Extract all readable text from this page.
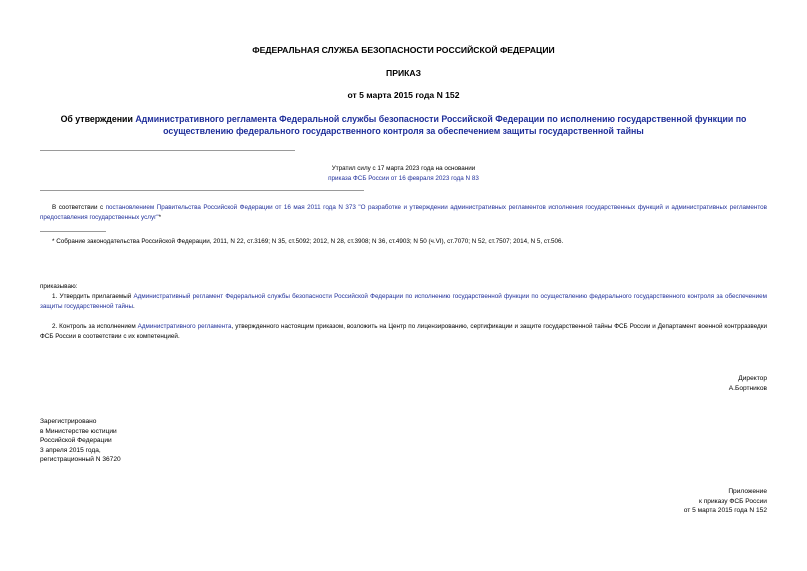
ФЕДЕРАЛЬНАЯ СЛУЖБА БЕЗОПАСНОСТИ РОССИЙСКОЙ ФЕДЕРАЦИИ
ПРИКАЗ
от 5 марта 2015 года N 152
Об утверждении Административного регламента Федеральной службы безопасности Российской Федерации по исполнению государственной функции по осуществлению федерального государственного контроля за обеспечением защиты государственной тайны
Утратил силу с 17 марта 2023 года на основании
приказа ФСБ России от 16 февраля 2023 года N 83
В соответствии с постановлением Правительства Российской Федерации от 16 мая 2011 года N 373 "О разработке и утверждении административных регламентов исполнения государственных функций и административных регламентов предоставления государственных услуг"*
* Собрание законодательства Российской Федерации, 2011, N 22, ст.3169; N 35, ст.5092; 2012, N 28, ст.3908; N 36, ст.4903; N 50 (ч.VI), ст.7070; N 52, ст.7507; 2014, N 5, ст.506.
приказываю:
1. Утвердить прилагаемый Административный регламент Федеральной службы безопасности Российской Федерации по исполнению государственной функции по осуществлению федерального государственного контроля за обеспечением защиты государственной тайны.
2. Контроль за исполнением Административного регламента, утвержденного настоящим приказом, возложить на Центр по лицензированию, сертификации и защите государственной тайны ФСБ России и Департамент военной контрразведки ФСБ России в соответствии с их компетенцией.
Директор
А.Бортников
Зарегистрировано
в Министерстве юстиции
Российской Федерации
3 апреля 2015 года,
регистрационный N 36720
Приложение
к приказу ФСБ России
от 5 марта 2015 года N 152
